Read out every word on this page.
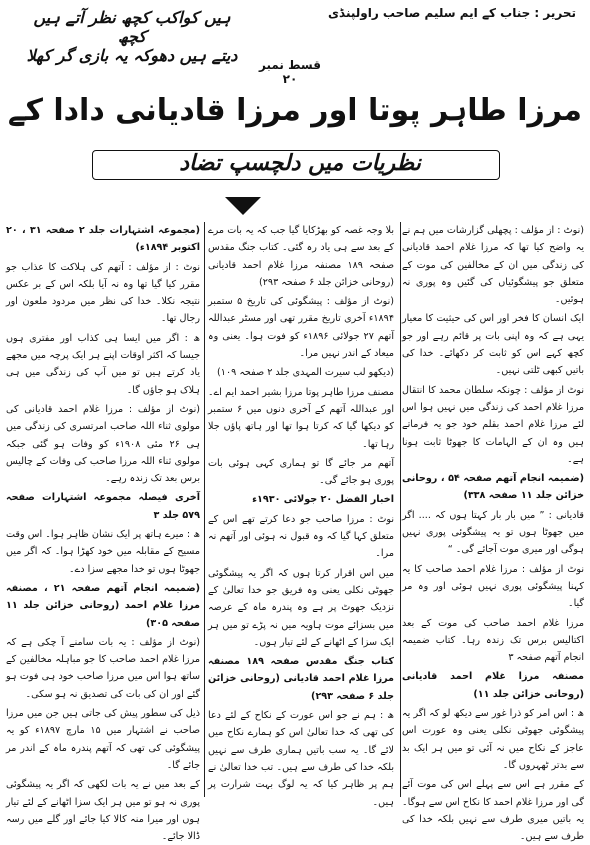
تحریر : جناب کے ایم سلیم صاحب راولپنڈی
ہیں کواکب کچھ نظر آتے ہیں کچھ
دیتے ہیں دھوکہ یہ بازی گر کھلا	قسط نمبر ۲۰
مرزا طاہر پوتا اور مرزا قادیانی دادا کے
نظریات میں دلچسپ تضاد

(نوٹ : از مؤلف : پچھلی گزارشات میں ہم نے یہ واضح کیا تھا کہ مرزا غلام احمد قادیانی کی زندگی میں ان کے مخالفین کی موت کے متعلق جو پیشگوئیاں کی گئیں وہ پوری نہ ہوئیں۔

ایک انسان کا فخر اور اس کی حیثیت کا معیار یہی ہے کہ وہ اپنی بات پر قائم رہے اور جو کچھ کہے اس کو ثابت کر دکھائے۔ خدا کی باتیں کبھی ٹلتی نہیں۔

نوٹ از مؤلف : چونکہ سلطان محمد کا انتقال مرزا غلام احمد کی زندگی میں نہیں ہوا اس لئے مرزا غلام احمد بقلم خود جو یہ فرماتے ہیں وہ ان کے الہامات کا جھوٹا ثابت ہونا ہے۔

(ضمیمہ انجام آتھم صفحہ ۵۴ ، روحانی خزائن جلد ۱۱ صفحہ ۳۳۸)

قادیانی : ” میں بار بار کہتا ہوں کہ .... اگر میں جھوٹا ہوں تو یہ پیشگوئی پوری نہیں ہوگی اور میری موت آجائے گی۔ “

نوٹ از مؤلف : مرزا غلام احمد صاحب کا یہ کہنا پیشگوئی پوری نہیں ہوئی اور وہ مر گیا۔

مرزا غلام احمد صاحب کی موت کے بعد اکتالیس برس تک زندہ رہا۔ کتاب ضمیمہ انجام آتھم صفحہ ۳

مصنفہ مرزا غلام احمد قادیانی (روحانی خزائن جلد ۱۱)

ھ : اس امر کو ذرا غور سے دیکھ لو کہ اگر یہ پیشگوئی جھوٹی نکلی یعنی وہ عورت اس عاجز کے نکاح میں نہ آئی تو میں ہر ایک بد سے بدتر ٹھہروں گا۔

کے مقرر ہے اس سے پہلے اس کی موت آئے گی اور مرزا غلام احمد کا نکاح اس سے ہوگا۔ یہ باتیں میری طرف سے نہیں بلکہ خدا کی طرف سے ہیں۔

بلا وجہ غصہ کو بھڑکایا گیا جب کہ یہ بات مرے کے بعد سے ہی یاد رہ گئی۔ کتاب جنگ مقدس صفحہ ۱۸۹ مصنفہ مرزا غلام احمد قادیانی (روحانی خزائن جلد ۶ صفحہ ۲۹۳)

(نوٹ از مؤلف : پیشگوئی کی تاریخ ۵ ستمبر ۱۸۹۴ء آخری تاریخ مقرر تھی اور مسٹر عبداللہ آتھم ۲۷ جولائی ۱۸۹۶ء کو فوت ہوا۔ یعنی وہ میعاد کے اندر نہیں مرا۔

(دیکھو لب سیرت المہدی جلد ۲ صفحہ ۱۰۹)

مصنف مرزا طاہر پوتا مرزا بشیر احمد ایم اے۔ اور عبداللہ آتھم کے آخری دنوں میں ۶ ستمبر کو دیکھا گیا کہ کرتا ہوا تھا اور ہاتھ پاؤں جلا رہا تھا۔

آتھم مر جائے گا تو ہماری کہی ہوئی بات پوری ہو جائے گی۔

اخبار الفضل ۲۰ جولائی ۱۹۳۰ء

نوٹ : مرزا صاحب جو دعا کرتے تھے اس کے متعلق کہا گیا کہ وہ قبول نہ ہوئی اور آتھم نہ مرا۔

میں اس اقرار کرتا ہوں کہ اگر یہ پیشگوئی جھوٹی نکلی یعنی وہ فریق جو خدا تعالیٰ کے نزدیک جھوٹ پر ہے وہ پندرہ ماہ کے عرصہ میں بسزائے موت ہاویہ میں نہ پڑے تو میں ہر ایک سزا کے اٹھانے کے لئے تیار ہوں۔

کتاب جنگ مقدس صفحہ ۱۸۹ مصنفہ مرزا غلام احمد قادیانی (روحانی خزائن جلد ۶ صفحہ ۲۹۳)

ھ : ہم نے جو اس عورت کے نکاح کے لئے دعا کی تھی کہ خدا تعالیٰ اس کو ہمارے نکاح میں لائے گا۔ یہ سب باتیں ہماری طرف سے نہیں بلکہ خدا کی طرف سے ہیں۔ تب خدا تعالیٰ نے ہم پر ظاہر کیا کہ یہ لوگ بہت شرارت پر ہیں۔

(مجموعہ اشتہارات جلد ۲ صفحہ ۳۱ ، ۲۰ اکتوبر ۱۸۹۴ء)

نوٹ : از مؤلف : آتھم کی ہلاکت کا عذاب جو مقرر کیا گیا تھا وہ نہ آیا بلکہ اس کے بر عکس نتیجہ نکلا۔ خدا کی نظر میں مردود ملعون اور رجال تھا۔

ھ : اگر میں ایسا ہی کذاب اور مفتری ہوں جیسا کہ اکثر اوقات اپنے ہر ایک پرچہ میں مجھے یاد کرتے ہیں تو میں آپ کی زندگی میں ہی ہلاک ہو جاؤں گا۔

(نوٹ از مؤلف : مرزا غلام احمد قادیانی کی مولوی ثناء اللہ صاحب امرتسری کی زندگی میں ہی ۲۶ مئی ۱۹۰۸ء کو وفات ہو گئی جبکہ مولوی ثناء اللہ مرزا صاحب کی وفات کے چالیس برس بعد تک زندہ رہے۔

آخری فیصلہ مجموعہ اشتہارات صفحہ ۵۷۹ جلد ۳

ھ : میرے ہاتھ پر ایک نشان ظاہر ہوا۔ اس وقت مسیح کے مقابلہ میں خود کھڑا ہوا۔ کہ اگر میں جھوٹا ہوں تو خدا مجھے سزا دے۔

(ضمیمہ انجام آتھم صفحہ ۲۱ ، مصنفہ مرزا غلام احمد (روحانی خزائن جلد ۱۱ صفحہ ۳۰۵)

(نوٹ از مؤلف : یہ بات سامنے آ چکی ہے کہ مرزا غلام احمد صاحب کا جو مباہلہ مخالفین کے ساتھ ہوا اس میں مرزا صاحب خود ہی فوت ہو گئے اور ان کی بات کی تصدیق نہ ہو سکی۔

ذیل کی سطور پیش کی جاتی ہیں جن میں مرزا صاحب نے اشتہار میں ۱۵ مارچ ۱۸۹۷ء کو یہ پیشگوئی کی تھی کہ آتھم پندرہ ماہ کے اندر مر جائے گا۔

کے بعد میں نے یہ بات لکھی کہ اگر یہ پیشگوئی پوری نہ ہو تو میں ہر ایک سزا اٹھانے کے لئے تیار ہوں اور میرا منہ کالا کیا جائے اور گلے میں رسہ ڈالا جائے۔
